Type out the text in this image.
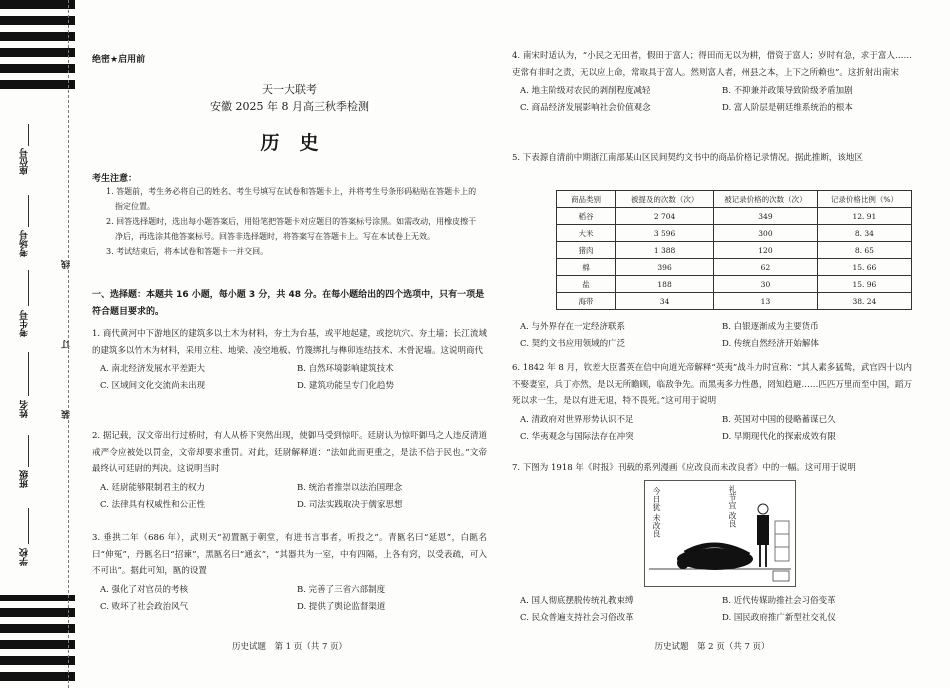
座位号
考场号
考生号
姓名
班级
学校
线
订
装
绝密★启用前
天一大联考
安徽 2025 年 8 月高三秋季检测
历史
考生注意：
1. 答题前，考生务必将自己的姓名、考生号填写在试卷和答题卡上，并将考生号条形码粘贴在答题卡上的指定位置。
2. 回答选择题时，选出每小题答案后，用铅笔把答题卡对应题目的答案标号涂黑。如需改动，用橡皮擦干净后，再选涂其他答案标号。回答非选择题时，将答案写在答题卡上。写在本试卷上无效。
3. 考试结束后，将本试卷和答题卡一并交回。
一、选择题：本题共 16 小题，每小题 3 分，共 48 分。在每小题给出的四个选项中，只有一项是符合题目要求的。
1. 商代黄河中下游地区的建筑多以土木为材料，夯土为台基，或平地起建，或挖坑穴、夯土墙；长江流域的建筑多以竹木为材料，采用立柱、地梁、凌空地板、竹篾绑扎与榫卯连结技术、木骨泥墙。这说明商代
A. 南北经济发展水平差距大	B. 自然环境影响建筑技术
C. 区域间文化交流尚未出现	D. 建筑功能呈专门化趋势
2. 据记载，汉文帝出行过桥时，有人从桥下突然出现，使御马受到惊吓。廷尉认为惊吓御马之人违反清道戒严令应被处以罚金，文帝却要求重罚。对此，廷尉解释道：“法如此而更重之，是法不信于民也。”文帝最终认可廷尉的判决。这说明当时
A. 廷尉能够限制君主的权力	B. 统治者推崇以法治国理念
C. 法律具有权威性和公正性	D. 司法实践取决于儒家思想
3. 垂拱二年（686 年），武则天“初置匦于朝堂，有进书言事者，听投之”。青匦名曰“延恩”，白匦名曰“伸冤”，丹匦名曰“招谏”，黑匦名曰“通玄”，“其器共为一室，中有四隔，上各有窍，以受表疏，可入不可出”。据此可知，匦的设置
A. 强化了对官员的考核	B. 完善了三省六部制度
C. 败坏了社会政治风气	D. 提供了舆论监督渠道
历史试题　第 1 页（共 7 页）
4. 南宋时适认为，“小民之无田者，假田于富人；得田而无以为耕，借资于富人；岁时有急，求于富人……吏常有非时之责，无以应上命，常取具于富人。然则富人者，州县之本，上下之所赖也”。这折射出南宋
A. 地主阶级对农民的剥削程度减轻	B. 不抑兼并政策导致阶级矛盾加剧
C. 商品经济发展影响社会价值观念	D. 富人阶层是朝廷维系统治的根本
5. 下表源自清前中期浙江南部某山区民间契约文书中的商品价格记录情况。据此推断，该地区
商品类别	被提及的次数（次）	被记录价格的次数（次）	记录价格比例（%）
稻谷	2 704	349	12. 91
大米	3 596	300	8. 34
猪肉	1 388	120	8. 65
棉	396	62	15. 66
盐	188	30	15. 96
海带	34	13	38. 24
A. 与外界存在一定经济联系	B. 白银逐渐成为主要货币
C. 契约文书应用领域的广泛	D. 传统自然经济开始解体
6. 1842 年 8 月，钦差大臣耆英在信中向道光帝解释“英夷”战斗力时宣称：“其人素多猛鸷，武官四十以内不娶妻室，兵丁亦然，是以无所瞻顾，临敌争先。而黑夷多力性愚，罔知趋避……匹匹万里而至中国，蹈万死以求一生，是以有进无退，特不畏死。”这可用于说明
A. 清政府对世界形势认识不足	B. 英国对中国的侵略蓄谋已久
C. 华夷观念与国际法存在冲突	D. 早期现代化的探索成效有限
7. 下图为 1918 年《时报》刊载的系列漫画《应改良而未改良者》中的一幅。这可用于说明
今日犹 未改良
礼节宜 改良
A. 国人彻底摆脱传统礼教束缚	B. 近代传媒助推社会习俗变革
C. 民众普遍支持社会习俗改革	D. 国民政府推广新型社交礼仪
历史试题　第 2 页（共 7 页）
